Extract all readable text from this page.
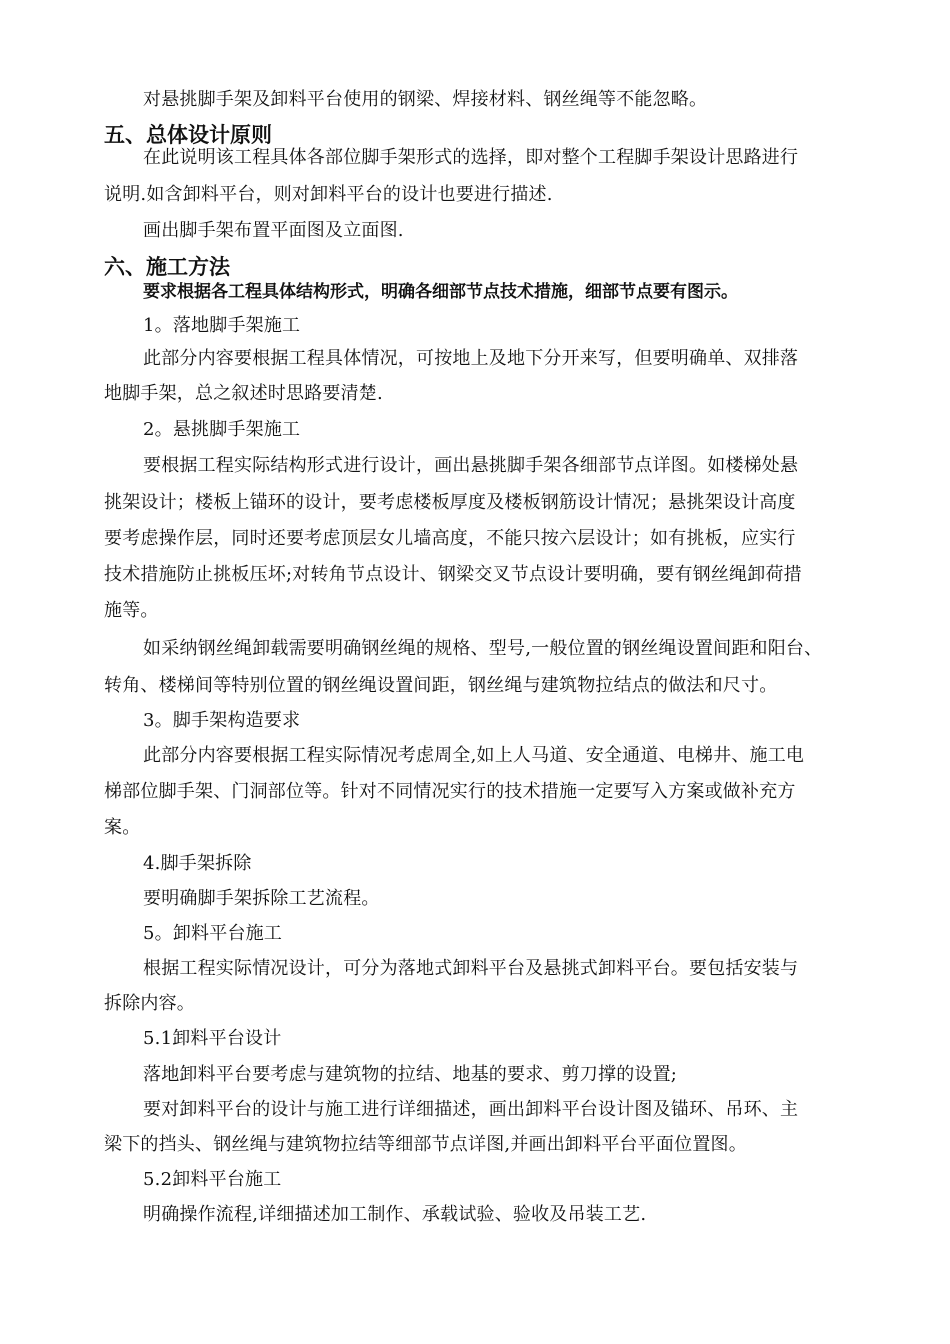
对悬挑脚手架及卸料平台使用的钢梁、焊接材料、钢丝绳等不能忽略。
五、总体设计原则
在此说明该工程具体各部位脚手架形式的选择，即对整个工程脚手架设计思路进行
说明.如含卸料平台，则对卸料平台的设计也要进行描述.
画出脚手架布置平面图及立面图.
六、施工方法
要求根据各工程具体结构形式，明确各细部节点技术措施，细部节点要有图示。
1。落地脚手架施工
此部分内容要根据工程具体情况，可按地上及地下分开来写，但要明确单、双排落
地脚手架，总之叙述时思路要清楚.
2。悬挑脚手架施工
要根据工程实际结构形式进行设计，画出悬挑脚手架各细部节点详图。如楼梯处悬
挑架设计；楼板上锚环的设计，要考虑楼板厚度及楼板钢筋设计情况；悬挑架设计高度
要考虑操作层，同时还要考虑顶层女儿墙高度，不能只按六层设计；如有挑板，应实行
技术措施防止挑板压坏;对转角节点设计、钢梁交叉节点设计要明确，要有钢丝绳卸荷措
施等。
如采纳钢丝绳卸载需要明确钢丝绳的规格、型号,一般位置的钢丝绳设置间距和阳台、
转角、楼梯间等特别位置的钢丝绳设置间距，钢丝绳与建筑物拉结点的做法和尺寸。
3。脚手架构造要求
此部分内容要根据工程实际情况考虑周全,如上人马道、安全通道、电梯井、施工电
梯部位脚手架、门洞部位等。针对不同情况实行的技术措施一定要写入方案或做补充方
案。
4.脚手架拆除
要明确脚手架拆除工艺流程。
5。卸料平台施工
根据工程实际情况设计，可分为落地式卸料平台及悬挑式卸料平台。要包括安装与
拆除内容。
5.1卸料平台设计
落地卸料平台要考虑与建筑物的拉结、地基的要求、剪刀撑的设置;
要对卸料平台的设计与施工进行详细描述，画出卸料平台设计图及锚环、吊环、主
梁下的挡头、钢丝绳与建筑物拉结等细部节点详图,并画出卸料平台平面位置图。
5.2卸料平台施工
明确操作流程,详细描述加工制作、承载试验、验收及吊装工艺.
